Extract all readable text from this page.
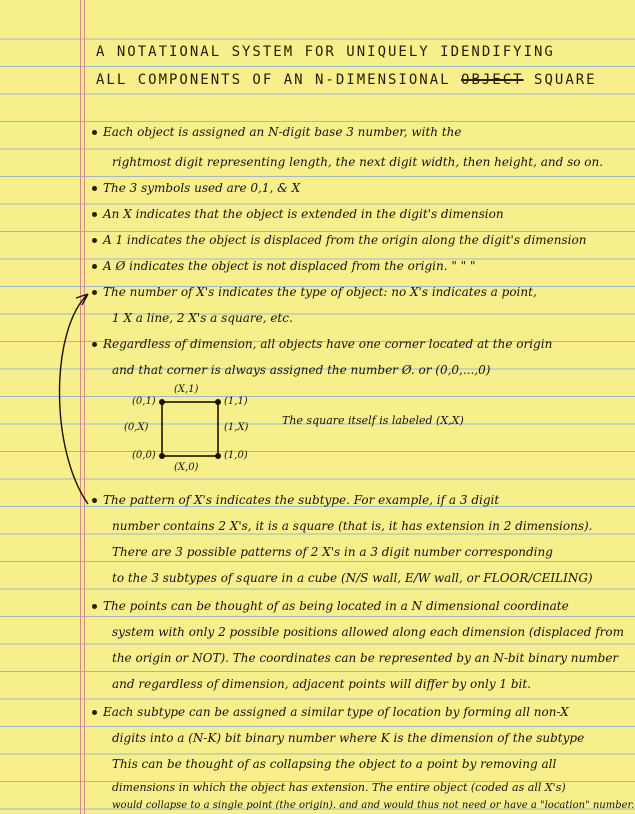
A NOTATIONAL SYSTEM FOR UNIQUELY IDENDIFYING
ALL COMPONENTS OF AN N-DIMENSIONAL OBJECT SQUARE
Each object is assigned an N-digit base 3 number, with the
rightmost digit representing length, the next digit width, then height, and so on.
The 3 symbols used are 0,1, & X
An X indicates that the object is extended in the digit's dimension
A 1 indicates the object is displaced from the origin along the digit's dimension
A Ø indicates the object is not displaced from the origin. " " "
The number of X's indicates the type of object: no X's indicates a point,
1 X a line, 2 X's a square, etc.
Regardless of dimension, all objects have one corner located at the origin
and that corner is always assigned the number Ø. or (0,0,...,0)
(X,1)
(0,1)	(1,1)
(0,X)	(1,X)
(0,0)	(1,0)
(X,0)
The square itself is labeled (X,X)
The pattern of X's indicates the subtype. For example, if a 3 digit
number contains 2 X's, it is a square (that is, it has extension in 2 dimensions).
There are 3 possible patterns of 2 X's in a 3 digit number corresponding
to the 3 subtypes of square in a cube (N/S wall, E/W wall, or FLOOR/CEILING)
The points can be thought of as being located in a N dimensional coordinate
system with only 2 possible positions allowed along each dimension (displaced from
the origin or NOT). The coordinates can be represented by an N-bit binary number
and regardless of dimension, adjacent points will differ by only 1 bit.
Each subtype can be assigned a similar type of location by forming all non-X
digits into a (N-K) bit binary number where K is the dimension of the subtype
This can be thought of as collapsing the object to a point by removing all
dimensions in which the object has extension. The entire object (coded as all X's)
would collapse to a single point (the origin). and and would thus not need or have a "location" number.
